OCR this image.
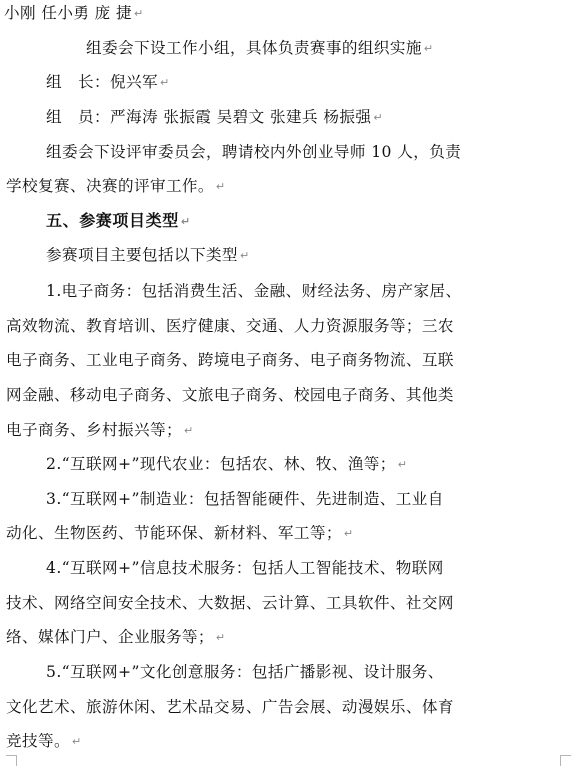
小刚 任小勇 庞 捷 ↵
组委会下设工作小组，具体负责赛事的组织实施 ↵
组　长：倪兴军 ↵
组　员：严海涛 张振霞 吴碧文 张建兵 杨振强 ↵
组委会下设评审委员会，聘请校内外创业导师 10 人，负责
学校复赛、决赛的评审工作。 ↵
五、参赛项目类型 ↵
参赛项目主要包括以下类型 ↵
1.电子商务：包括消费生活、金融、财经法务、房产家居、
高效物流、教育培训、医疗健康、交通、人力资源服务等；三农
电子商务、工业电子商务、跨境电子商务、电子商务物流、互联
网金融、移动电子商务、文旅电子商务、校园电子商务、其他类
电子商务、乡村振兴等； ↵
2.“互联网+”现代农业：包括农、林、牧、渔等； ↵
3.“互联网+”制造业：包括智能硬件、先进制造、工业自
动化、生物医药、节能环保、新材料、军工等； ↵
4.“互联网+”信息技术服务：包括人工智能技术、物联网
技术、网络空间安全技术、大数据、云计算、工具软件、社交网
络、媒体门户、企业服务等； ↵
5.“互联网+”文化创意服务：包括广播影视、设计服务、
文化艺术、旅游休闲、艺术品交易、广告会展、动漫娱乐、体育
竞技等。 ↵
